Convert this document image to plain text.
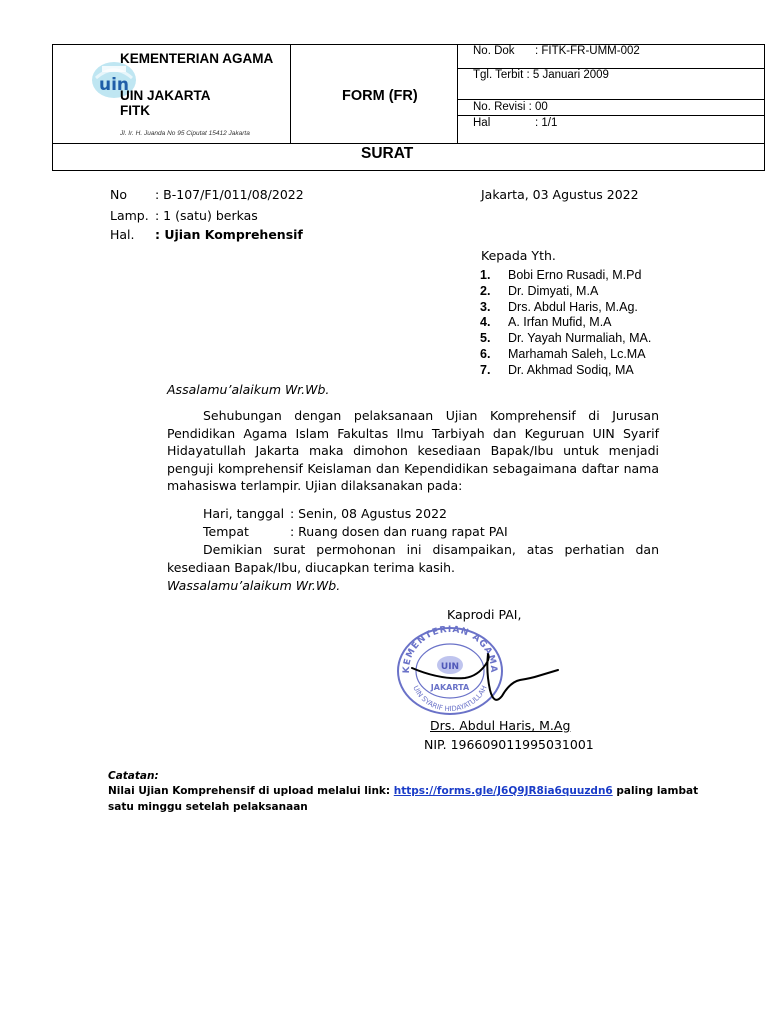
uin
KEMENTERIAN AGAMA
UIN JAKARTA
FITK
Jl. Ir. H. Juanda No 95 Ciputat 15412 Jakarta
FORM (FR)
No. Dok	: FITK-FR-UMM-002
Tgl. Terbit : 5 Januari 2009
No. Revisi : 00
Hal	: 1/1
SURAT
No : B-107/F1/011/08/2022
Lamp. : 1 (satu) berkas
Hal. : Ujian Komprehensif
Jakarta, 03 Agustus 2022
Kepada Yth.
1.	Bobi Erno Rusadi, M.Pd
2.	Dr. Dimyati, M.A
3.	Drs. Abdul Haris, M.Ag.
4.	A. Irfan Mufid, M.A
5.	Dr. Yayah Nurmaliah, MA.
6.	Marhamah Saleh, Lc.MA
7.	Dr. Akhmad Sodiq, MA
Assalamu’alaikum Wr.Wb.
Sehubungan dengan pelaksanaan Ujian Komprehensif di Jurusan Pendidikan Agama Islam Fakultas Ilmu Tarbiyah dan Keguruan UIN Syarif Hidayatullah Jakarta maka dimohon kesediaan Bapak/Ibu untuk menjadi penguji komprehensif Keislaman dan Kependidikan sebagaimana daftar nama mahasiswa terlampir. Ujian dilaksanakan pada:
Hari, tanggal : Senin, 08 Agustus 2022
Tempat	: Ruang dosen dan ruang rapat PAI
Demikian surat permohonan ini disampaikan, atas perhatian dan kesediaan Bapak/Ibu, diucapkan terima kasih.
Wassalamu’alaikum Wr.Wb.
Kaprodi PAI,
KEMENTERIAN AGAMA
UIN SYARIF HIDAYATULLAH
UIN
JAKARTA
Drs. Abdul Haris, M.Ag
NIP. 196609011995031001
Catatan:
Nilai Ujian Komprehensif di upload melalui link: https://forms.gle/J6Q9JR8ia6quuzdn6 paling lambat
satu minggu setelah pelaksanaan
